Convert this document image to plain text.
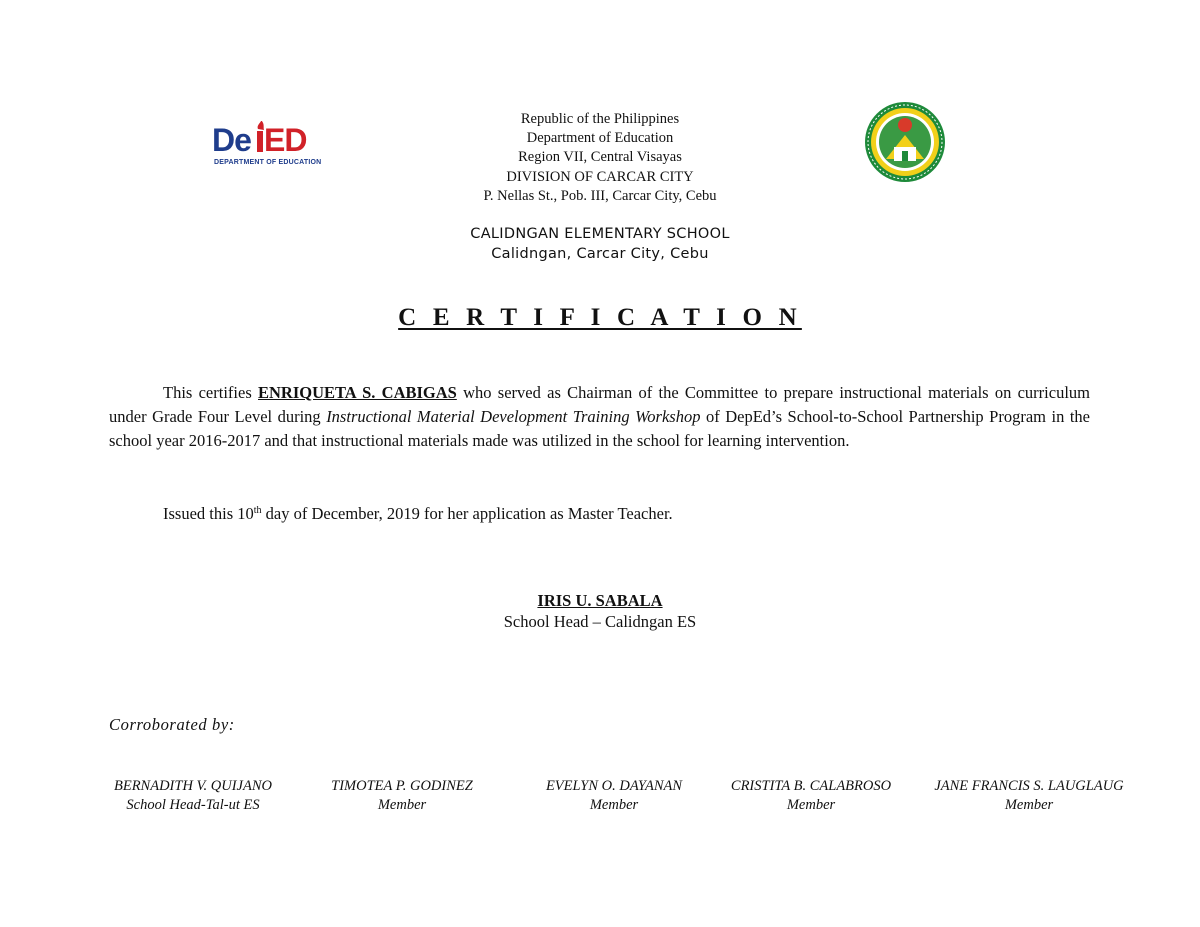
De ED
DEPARTMENT OF EDUCATION
Republic of the Philippines
Department of Education
Region VII, Central Visayas
DIVISION OF CARCAR CITY
P. Nellas St., Pob. III, Carcar City, Cebu
CALIDNGAN ELEMENTARY SCHOOL
Calidngan, Carcar City, Cebu
C E R T I F I C A T I O N

This certifies ENRIQUETA S. CABIGAS who served as Chairman of the Committee to prepare instructional materials on curriculum under Grade Four Level during Instructional Material Development Training Workshop of DepEd’s School-to-School Partnership Program in the school year 2016-2017 and that instructional materials made was utilized in the school for learning intervention.

Issued this 10th day of December, 2019 for her application as Master Teacher.

IRIS U. SABALA
School Head – Calidngan ES
Corroborated by:
BERNADITH V. QUIJANO
School Head-Tal-ut ES
TIMOTEA P. GODINEZ
Member
EVELYN O. DAYANAN
Member
CRISTITA B. CALABROSO
Member
JANE FRANCIS S. LAUGLAUG
Member
